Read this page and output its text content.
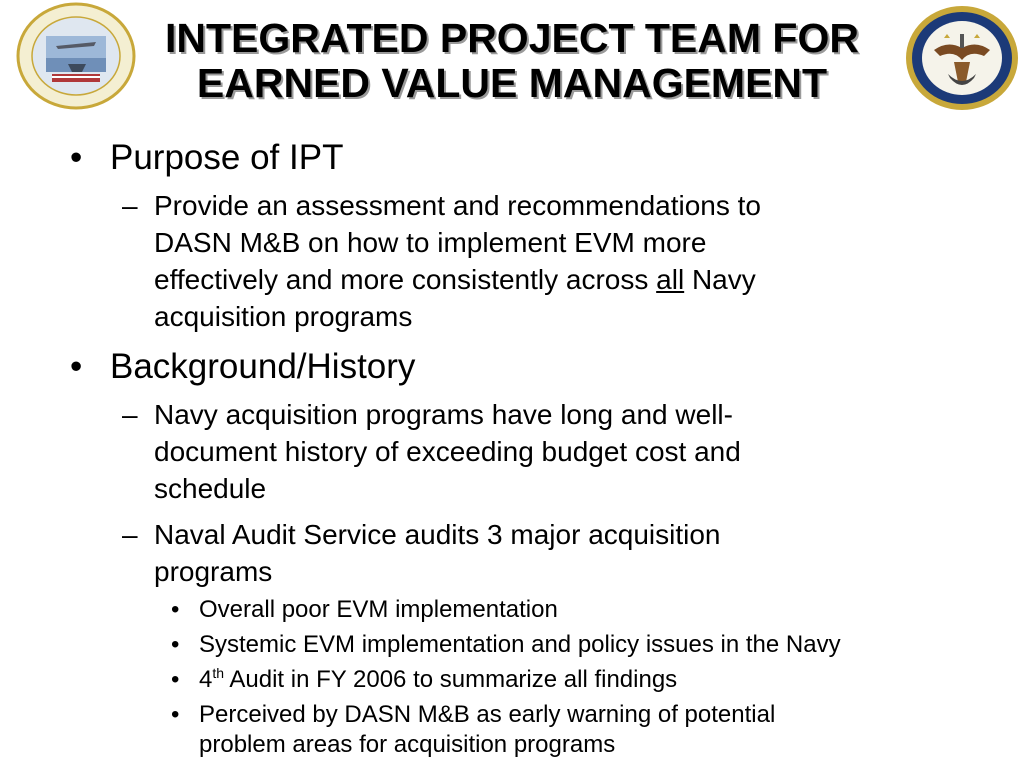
INTEGRATED PROJECT TEAM FOR
EARNED VALUE MANAGEMENT
• Purpose of IPT
– Provide an assessment and recommendations to
DASN M&B on how to implement EVM more
effectively and more consistently across all Navy
acquisition programs
• Background/History
– Navy acquisition programs have long and well-
document history of exceeding budget cost and
schedule
– Naval Audit Service audits 3 major acquisition
programs
• Overall poor EVM implementation
• Systemic EVM implementation and policy issues in the Navy
• 4th Audit in FY 2006 to summarize all findings
• Perceived by DASN M&B as early warning of potential
problem areas for acquisition programs
